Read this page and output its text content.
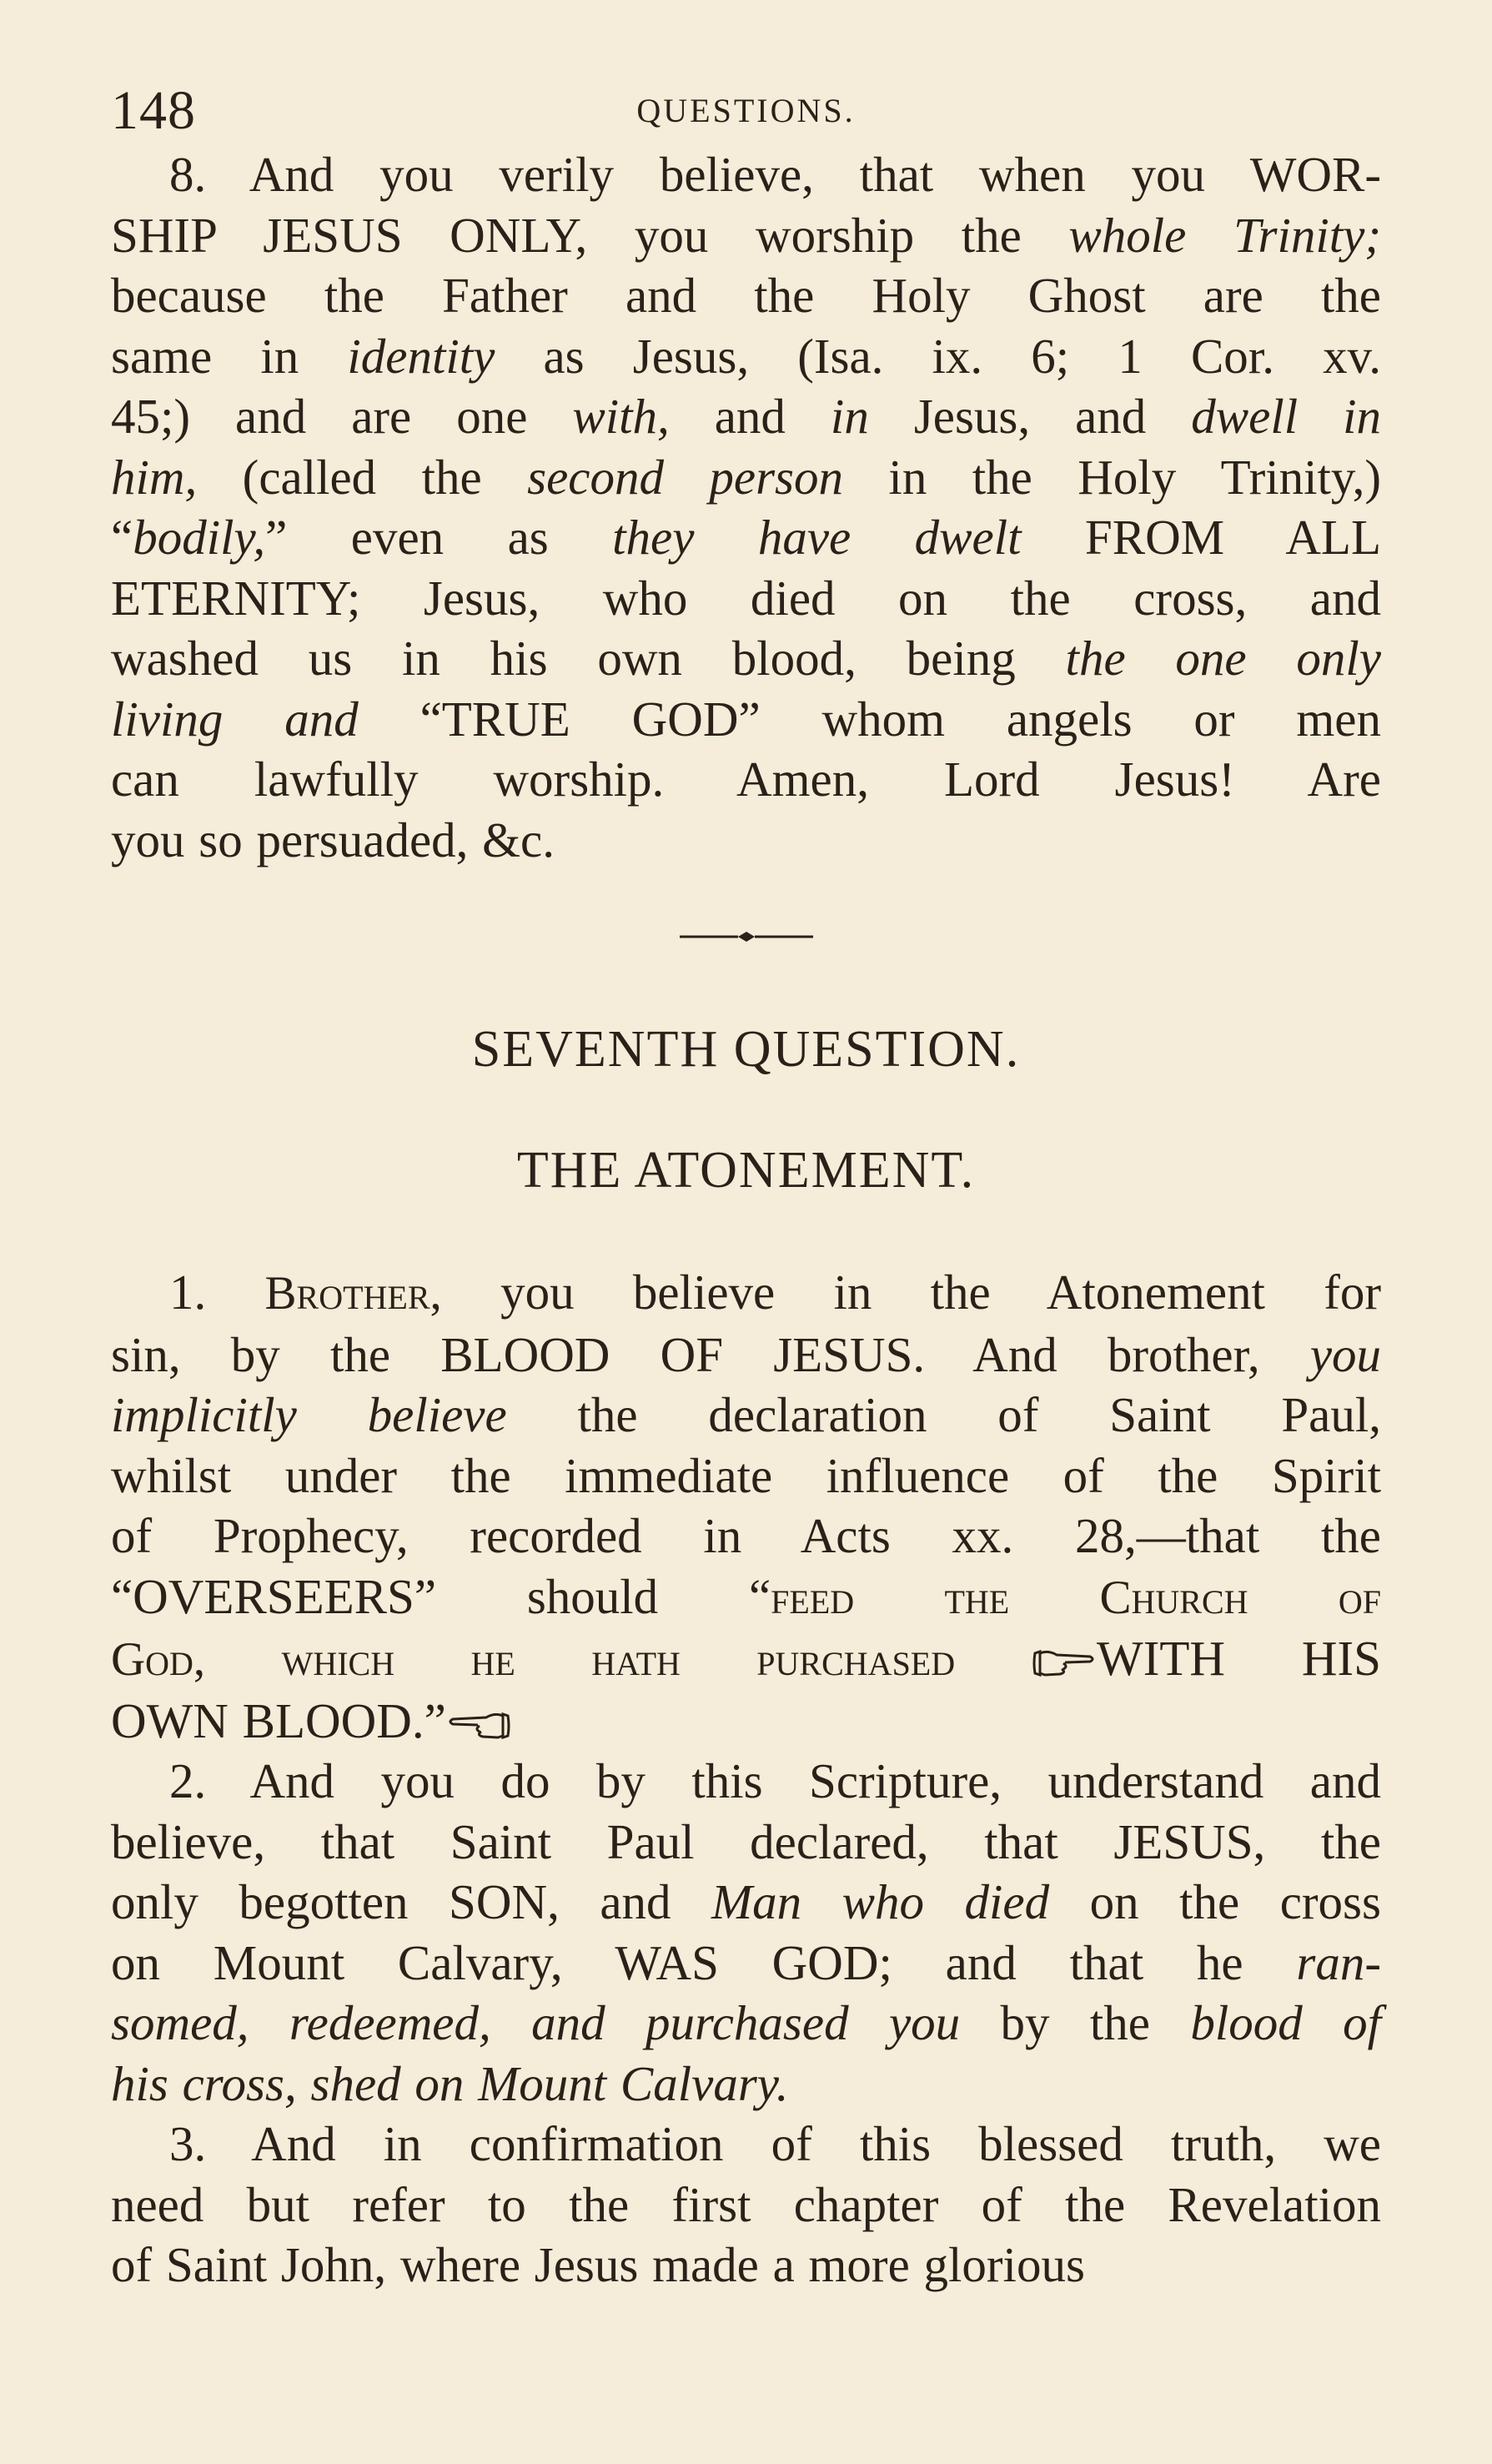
148	QUESTIONS.
8. And you verily believe, that when you WOR-
SHIP JESUS ONLY, you worship the whole Trinity;
because the Father and the Holy Ghost are the
same in identity as Jesus, (Isa. ix. 6; 1 Cor. xv.
45;) and are one with, and in Jesus, and dwell in
him, (called the second person in the Holy Trinity,)
“bodily,” even as they have dwelt FROM ALL
ETERNITY; Jesus, who died on the cross, and
washed us in his own blood, being the one only
living and “TRUE GOD” whom angels or men
can lawfully worship. Amen, Lord Jesus! Are
you so persuaded, &c.
SEVENTH QUESTION.
THE ATONEMENT.
1. Brother, you believe in the Atonement for
sin, by the BLOOD OF JESUS. And brother, you
implicitly believe the declaration of Saint Paul,
whilst under the immediate influence of the Spirit
of Prophecy, recorded in Acts xx. 28,—that the
“OVERSEERS” should “feed the Church of
God, which he hath purchased	WITH HIS
OWN BLOOD.”
2. And you do by this Scripture, understand and
believe, that Saint Paul declared, that JESUS, the
only begotten SON, and Man who died on the cross
on Mount Calvary, WAS GOD; and that he ran-
somed, redeemed, and purchased you by the blood of
his cross, shed on Mount Calvary.
3. And in confirmation of this blessed truth, we
need but refer to the first chapter of the Revelation
of Saint John, where Jesus made a more glorious
